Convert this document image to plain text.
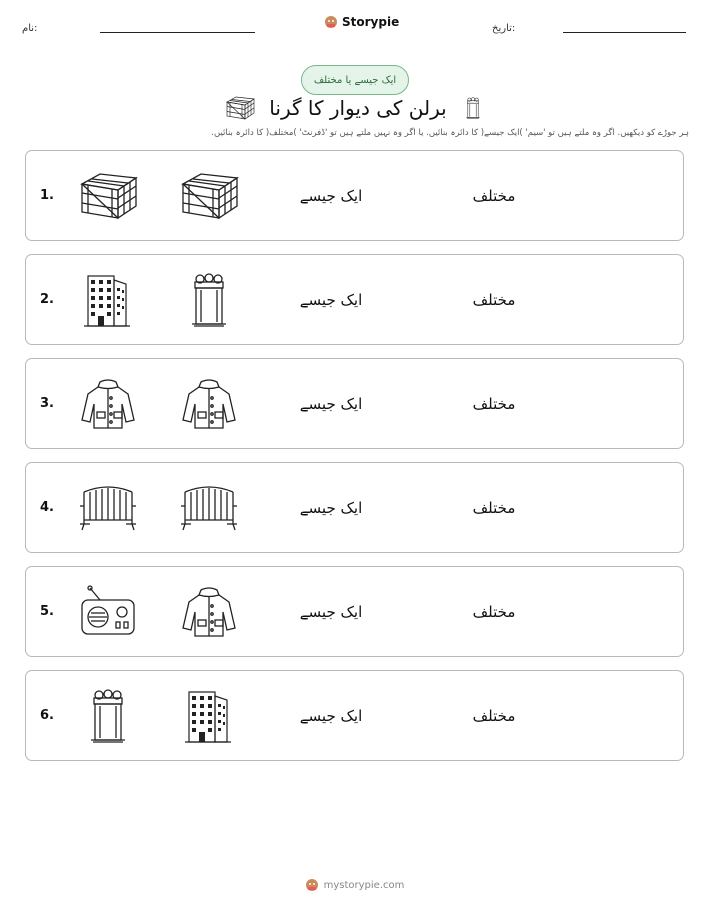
نام:	Storypie	تاریخ:
ایک جیسے یا مختلف
برلن کی دیوار کا گرنا
ہر جوڑے کو دیکھیں. اگر وہ ملتے ہیں تو 'سیم' )ایک جیسے( کا دائرہ بنائیں. یا اگر وہ نہیں ملتے ہیں تو 'ڈفرنٹ' )مختلف( کا دائرہ بنائیں.
1.	ایک جیسے	مختلف
2.	ایک جیسے	مختلف
3.	ایک جیسے	مختلف
4.	ایک جیسے	مختلف
5.	ایک جیسے	مختلف
6.	ایک جیسے	مختلف
mystorypie.com
